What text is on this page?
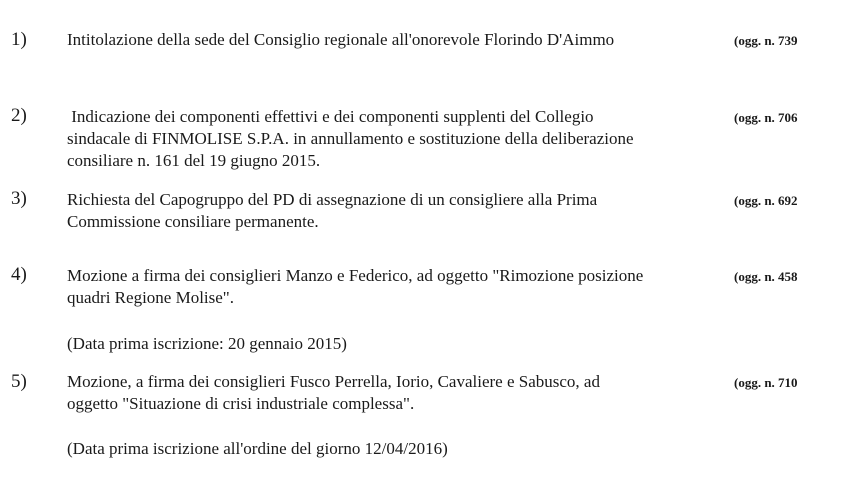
1) Intitolazione della sede del Consiglio regionale all'onorevole Florindo D'Aimmo	(ogg. n. 739
2) Indicazione dei componenti effettivi e dei componenti supplenti del Collegio
sindacale di FINMOLISE S.P.A. in annullamento e sostituzione della deliberazione
consiliare n. 161 del 19 giugno 2015.
(ogg. n. 706
3) Richiesta del Capogruppo del PD di assegnazione di un consigliere alla Prima
Commissione consiliare permanente.
(ogg. n. 692
4) Mozione a firma dei consiglieri Manzo e Federico, ad oggetto "Rimozione posizione
quadri Regione Molise".
(ogg. n. 458
(Data prima iscrizione: 20 gennaio 2015)
5) Mozione, a firma dei consiglieri Fusco Perrella, Iorio, Cavaliere e Sabusco, ad
oggetto "Situazione di crisi industriale complessa".
(ogg. n. 710
(Data prima iscrizione all'ordine del giorno 12/04/2016)
